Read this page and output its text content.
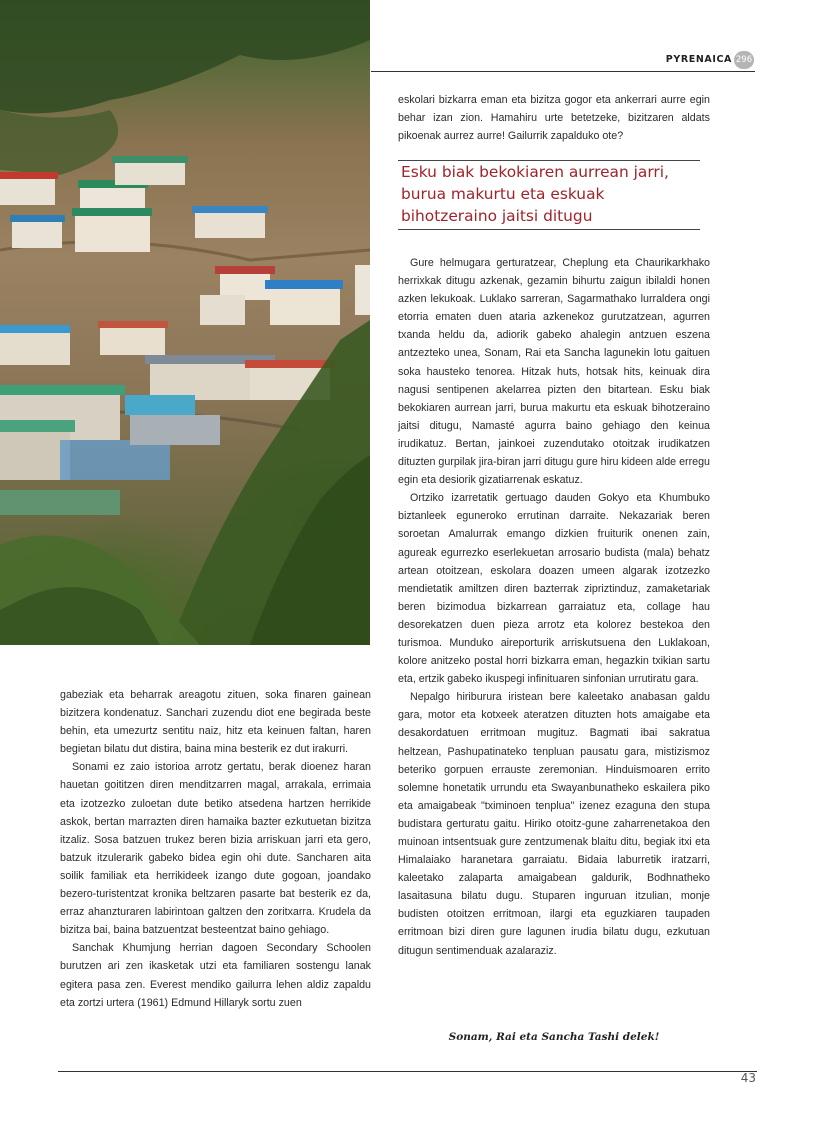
PYRENAICA 296

gabeziak eta beharrak areagotu zituen, soka finaren gainean bizitzera kondenatuz. Sanchari zuzendu diot ene begirada beste behin, eta umezurtz sentitu naiz, hitz eta keinuen faltan, haren begietan bilatu dut distira, baina mina besterik ez dut irakurri.

Sonami ez zaio istorioa arrotz gertatu, berak dioenez haran hauetan goititzen diren menditzarren magal, arrakala, errimaia eta izotzezko zuloetan dute betiko atsedena hartzen herrikide askok, bertan marrazten diren hamaika bazter ezkutuetan bizitza itzaliz. Sosa batzuen trukez beren bizia arriskuan jarri eta gero, batzuk itzulerarik gabeko bidea egin ohi dute. Sancharen aita soilik familiak eta herrikideek izango dute gogoan, joandako bezero-turistentzat kronika beltzaren pasarte bat besterik ez da, erraz ahanzturaren labirintoan galtzen den zoritxarra. Krudela da bizitza bai, baina batzuentzat besteentzat baino gehiago.

Sanchak Khumjung herrian dagoen Secondary Schoolen burutzen ari zen ikasketak utzi eta familiaren sostengu lanak egitera pasa zen. Everest mendiko gailurra lehen aldiz zapaldu eta zortzi urtera (1961) Edmund Hillaryk sortu zuen

eskolari bizkarra eman eta bizitza gogor eta ankerrari aurre egin behar izan zion. Hamahiru urte betetzeke, bizitzaren aldats pikoenak aurrez aurre! Gailurrik zapalduko ote?

Esku biak bekokiaren aurrean jarri, burua makurtu eta eskuak bihotzeraino jaitsi ditugu

Gure helmugara gerturatzear, Cheplung eta Chaurikarkhako herrixkak ditugu azkenak, gezamin bihurtu zaigun ibilaldi honen azken lekukoak. Luklako sarreran, Sagarmathako lurraldera ongi etorria ematen duen ataria azkenekoz gurutzatzean, agurren txanda heldu da, adiorik gabeko ahalegin antzuen eszena antzezteko unea, Sonam, Rai eta Sancha lagunekin lotu gaituen soka hausteko tenorea. Hitzak huts, hotsak hits, keinuak dira nagusi sentipenen akelarrea pizten den bitartean. Esku biak bekokiaren aurrean jarri, burua makurtu eta eskuak bihotzeraino jaitsi ditugu, Namasté agurra baino gehiago den keinua irudikatuz. Bertan, jainkoei zuzendutako otoitzak irudikatzen dituzten gurpilak jira-biran jarri ditugu gure hiru kideen alde erregu egin eta desiorik gizatiarrenak eskatuz.

Ortziko izarretatik gertuago dauden Gokyo eta Khumbuko biztanleek eguneroko errutinan darraite. Nekazariak beren soroetan Amalurrak emango dizkien fruiturik onenen zain, agureak egurrezko eserlekuetan arrosario budista (mala) behatz artean otoitzean, eskolara doazen umeen algarak izotzezko mendietatik amiltzen diren bazterrak zipriztinduz, zamaketariak beren bizimodua bizkarrean garraiatuz eta, collage hau desorekatzen duen pieza arrotz eta kolorez bestekoa den turismoa. Munduko aireporturik arriskutsuena den Luklakoan, kolore anitzeko postal horri bizkarra eman, hegazkin txikian sartu eta, ertzik gabeko ikuspegi infinituaren sinfonian urrutiratu gara.

Nepalgo hiriburura iristean bere kaleetako anabasan galdu gara, motor eta kotxeek ateratzen dituzten hots amaigabe eta desakordatuen erritmoan mugituz. Bagmati ibai sakratua heltzean, Pashupatinateko tenpluan pausatu gara, mistizismoz beteriko gorpuen errauste zeremonian. Hinduismoaren errito solemne honetatik urrundu eta Swayanbunatheko eskailera piko eta amaigabeak "tximinoen tenplua" izenez ezaguna den stupa budistara gerturatu gaitu. Hiriko otoitz-gune zaharrenetakoa den muinoan intsentsuak gure zentzumenak blaitu ditu, begiak itxi eta Himalaiako haranetara garraiatu. Bidaia laburretik iratzarri, kaleetako zalaparta amaigabean galdurik, Bodhnatheko lasaitasuna bilatu dugu. Stuparen inguruan itzulian, monje budisten otoitzen erritmoan, ilargi eta eguzkiaren taupaden erritmoan bizi diren gure lagunen irudia bilatu dugu, ezkutuan ditugun sentimenduak azalaraziz.

Sonam, Rai eta Sancha Tashi delek!
43
